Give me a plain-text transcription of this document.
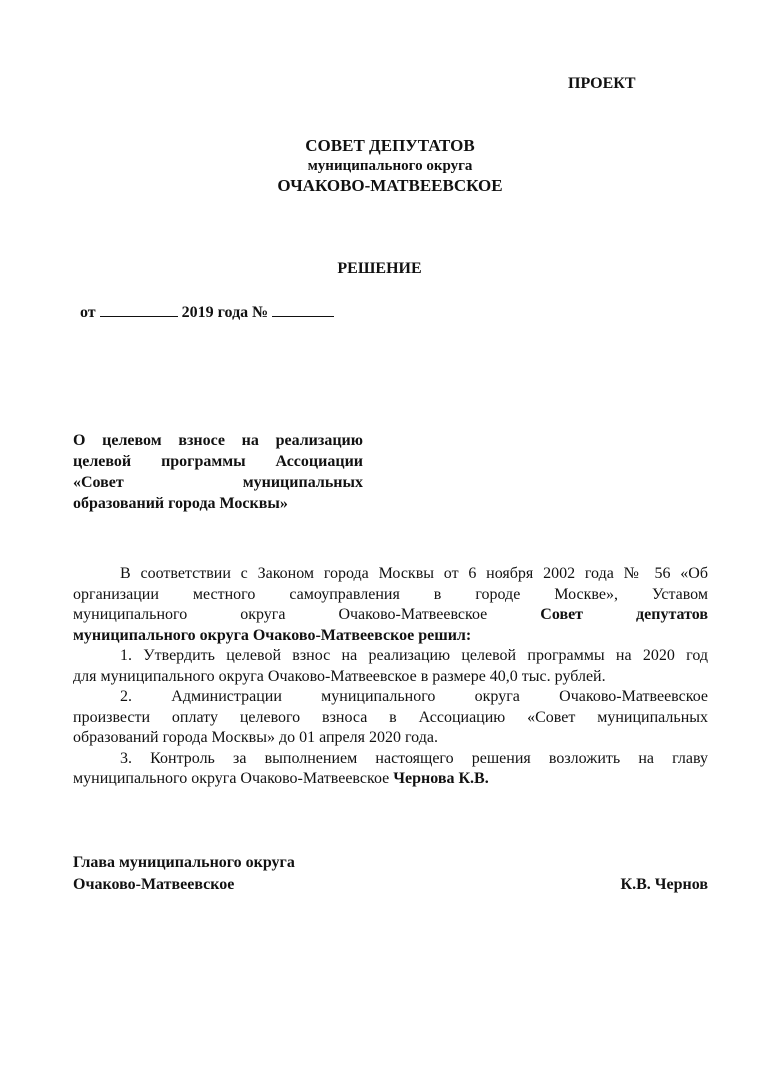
ПРОЕКТ
СОВЕТ ДЕПУТАТОВ
муниципального округа
ОЧАКОВО-МАТВЕЕВСКОЕ
РЕШЕНИЕ
от	2019 года №
О целевом взносе на реализацию
целевой программы Ассоциации
«Совет муниципальных
образований города Москвы»
В соответствии с Законом города Москвы от 6 ноября 2002 года № 56 «Об
организации местного самоуправления в городе Москве», Уставом
муниципального округа Очаково-Матвеевское	Совет депутатов
муниципального округа Очаково-Матвеевское решил:
1. Утвердить целевой взнос на реализацию целевой программы на 2020 год
для муниципального округа Очаково-Матвеевское в размере 40,0 тыс. рублей.
2. Администрации муниципального округа Очаково-Матвеевское
произвести оплату целевого взноса в Ассоциацию «Совет муниципальных
образований города Москвы» до 01 апреля 2020 года.
3. Контроль за выполнением настоящего решения возложить на главу
муниципального округа Очаково-Матвеевское Чернова К.В.
Глава муниципального округа
Очаково-Матвеевское	К.В. Чернов
